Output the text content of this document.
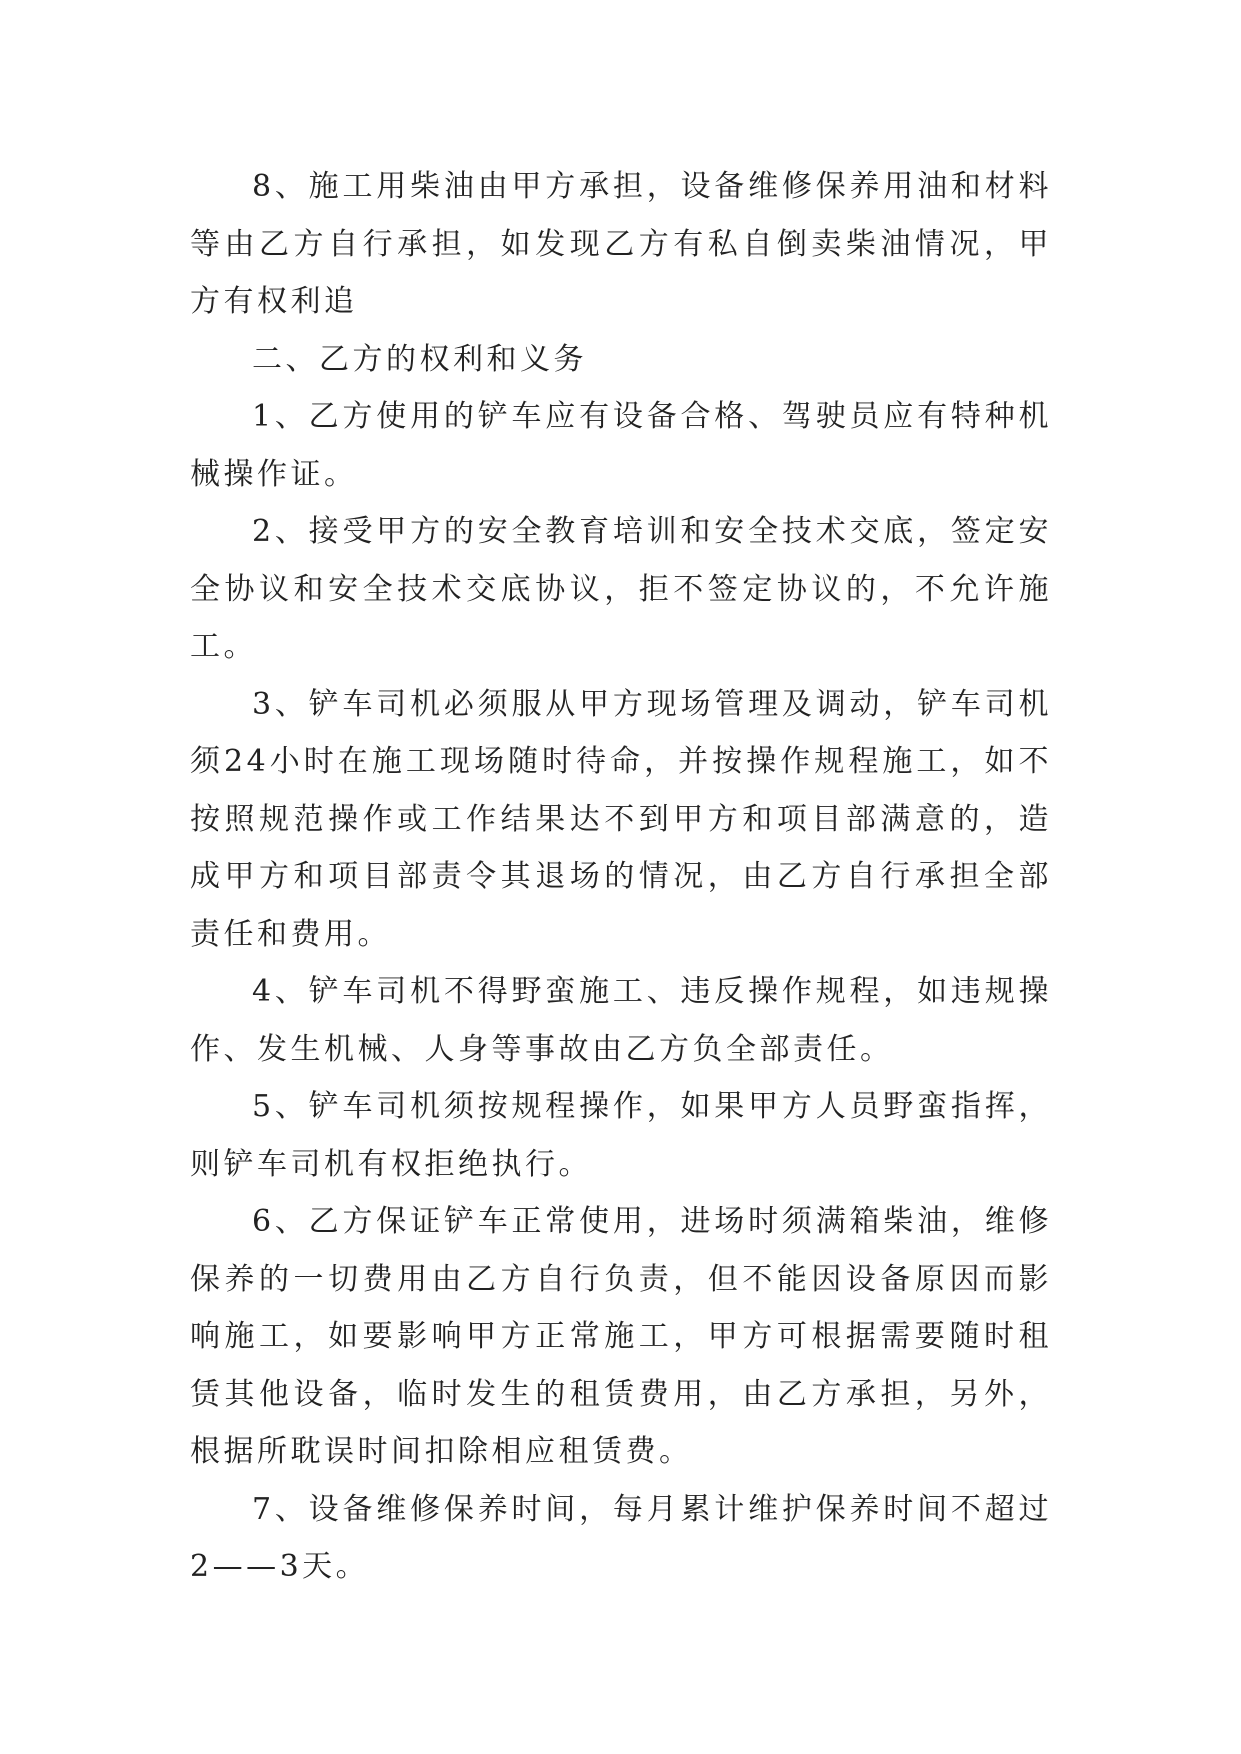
8、施工用柴油由甲方承担，设备维修保养用油和材料等由乙方自行承担，如发现乙方有私自倒卖柴油情况，甲方有权利追

二、乙方的权利和义务

1、乙方使用的铲车应有设备合格、驾驶员应有特种机械操作证。

2、接受甲方的安全教育培训和安全技术交底，签定安全协议和安全技术交底协议，拒不签定协议的，不允许施工。

3、铲车司机必须服从甲方现场管理及调动，铲车司机须24小时在施工现场随时待命，并按操作规程施工，如不按照规范操作或工作结果达不到甲方和项目部满意的，造成甲方和项目部责令其退场的情况，由乙方自行承担全部责任和费用。

4、铲车司机不得野蛮施工、违反操作规程，如违规操作、发生机械、人身等事故由乙方负全部责任。

5、铲车司机须按规程操作，如果甲方人员野蛮指挥，则铲车司机有权拒绝执行。

6、乙方保证铲车正常使用，进场时须满箱柴油，维修保养的一切费用由乙方自行负责，但不能因设备原因而影响施工，如要影响甲方正常施工，甲方可根据需要随时租赁其他设备，临时发生的租赁费用，由乙方承担，另外，根据所耽误时间扣除相应租赁费。

7、设备维修保养时间，每月累计维护保养时间不超过2——3天。
